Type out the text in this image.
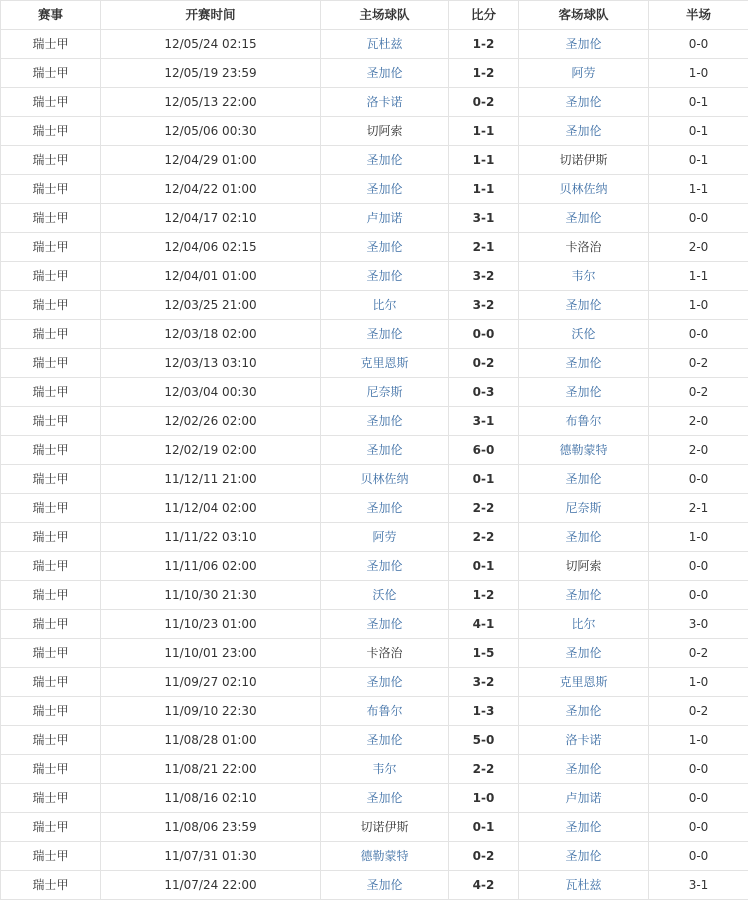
赛事	开赛时间	主场球队	比分	客场球队	半场
瑞士甲	12/05/24 02:15	瓦杜兹	1-2	圣加伦	0-0
瑞士甲	12/05/19 23:59	圣加伦	1-2	阿劳	1-0
瑞士甲	12/05/13 22:00	洛卡诺	0-2	圣加伦	0-1
瑞士甲	12/05/06 00:30	切阿索	1-1	圣加伦	0-1
瑞士甲	12/04/29 01:00	圣加伦	1-1	切诺伊斯	0-1
瑞士甲	12/04/22 01:00	圣加伦	1-1	贝林佐纳	1-1
瑞士甲	12/04/17 02:10	卢加诺	3-1	圣加伦	0-0
瑞士甲	12/04/06 02:15	圣加伦	2-1	卡洛治	2-0
瑞士甲	12/04/01 01:00	圣加伦	3-2	韦尔	1-1
瑞士甲	12/03/25 21:00	比尔	3-2	圣加伦	1-0
瑞士甲	12/03/18 02:00	圣加伦	0-0	沃伦	0-0
瑞士甲	12/03/13 03:10	克里恩斯	0-2	圣加伦	0-2
瑞士甲	12/03/04 00:30	尼奈斯	0-3	圣加伦	0-2
瑞士甲	12/02/26 02:00	圣加伦	3-1	布鲁尔	2-0
瑞士甲	12/02/19 02:00	圣加伦	6-0	德勒蒙特	2-0
瑞士甲	11/12/11 21:00	贝林佐纳	0-1	圣加伦	0-0
瑞士甲	11/12/04 02:00	圣加伦	2-2	尼奈斯	2-1
瑞士甲	11/11/22 03:10	阿劳	2-2	圣加伦	1-0
瑞士甲	11/11/06 02:00	圣加伦	0-1	切阿索	0-0
瑞士甲	11/10/30 21:30	沃伦	1-2	圣加伦	0-0
瑞士甲	11/10/23 01:00	圣加伦	4-1	比尔	3-0
瑞士甲	11/10/01 23:00	卡洛治	1-5	圣加伦	0-2
瑞士甲	11/09/27 02:10	圣加伦	3-2	克里恩斯	1-0
瑞士甲	11/09/10 22:30	布鲁尔	1-3	圣加伦	0-2
瑞士甲	11/08/28 01:00	圣加伦	5-0	洛卡诺	1-0
瑞士甲	11/08/21 22:00	韦尔	2-2	圣加伦	0-0
瑞士甲	11/08/16 02:10	圣加伦	1-0	卢加诺	0-0
瑞士甲	11/08/06 23:59	切诺伊斯	0-1	圣加伦	0-0
瑞士甲	11/07/31 01:30	德勒蒙特	0-2	圣加伦	0-0
瑞士甲	11/07/24 22:00	圣加伦	4-2	瓦杜兹	3-1
